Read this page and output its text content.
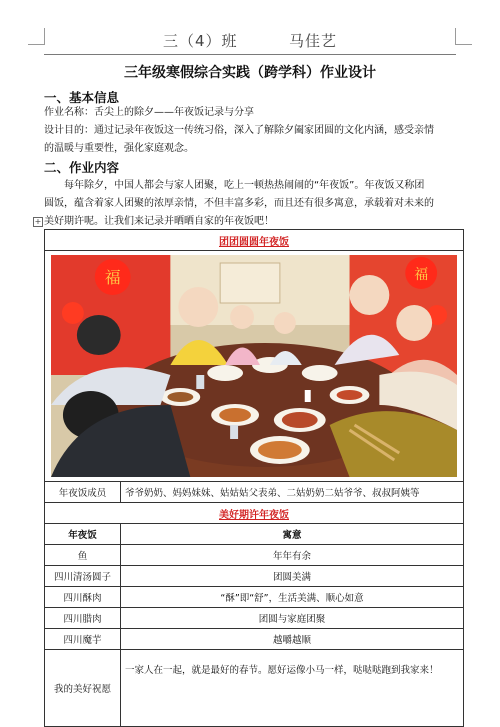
三（4）班	马佳艺
三年级寒假综合实践（跨学科）作业设计
一、基本信息
作业名称：舌尖上的除夕——年夜饭记录与分享
设计目的：通过记录年夜饭这一传统习俗，深入了解除夕阖家团圆的文化内涵，感受亲情
的温暖与重要性，强化家庭观念。
二、作业内容
每年除夕，中国人都会与家人团聚，吃上一顿热热闹闹的“年夜饭”。年夜饭又称团
圆饭，蕴含着家人团聚的浓厚亲情，不但丰富多彩，而且还有很多寓意，承载着对未来的
美好期许呢。让我们来记录并晒晒自家的年夜饭吧！
+
团团圆圆年夜饭	

福 福	

年夜饭成员	爷爷奶奶、妈妈妹妹、姑姑姑父表弟、二姑奶奶二姑爷爷、叔叔阿姨等
美好期许年夜饭	
年夜饭	寓意
鱼	年年有余
四川清汤圆子	团圆美满
四川酥肉	“酥”即“舒”，生活美满、顺心如意
四川腊肉	团圆与家庭团聚
四川魔芋	越嚼越顺
我的美好祝愿	一家人在一起，就是最好的春节。愿好运像小马一样，哒哒哒跑到我家来！
